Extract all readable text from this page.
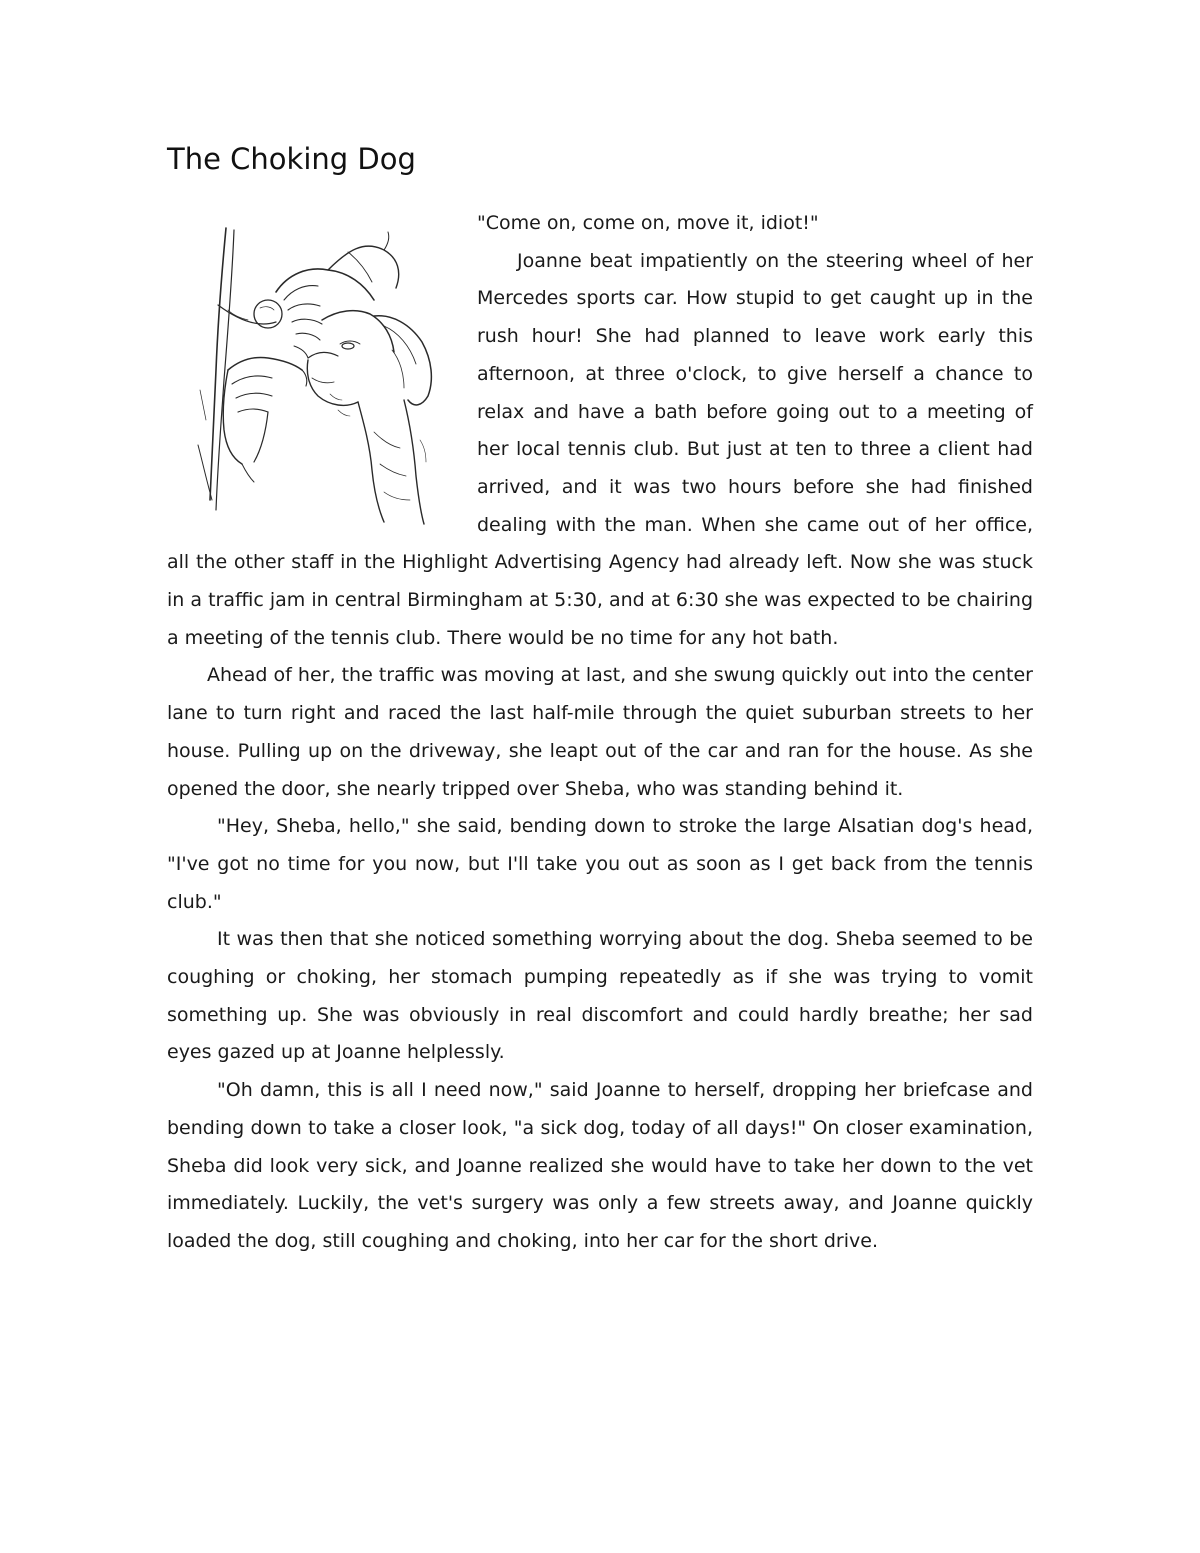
The Choking Dog

"Come on, come on, move it, idiot!"

Joanne beat impatiently on the steering wheel of her Mercedes sports car. How stupid to get caught up in the rush hour! She had planned to leave work early this afternoon, at three o'clock, to give herself a chance to relax and have a bath before going out to a meeting of her local tennis club. But just at ten to three a client had arrived, and it was two hours before she had finished dealing with the man. When she came out of her office, all the other staff in the Highlight Advertising Agency had already left. Now she was stuck in a traffic jam in central Birmingham at 5:30, and at 6:30 she was expected to be chairing a meeting of the tennis club. There would be no time for any hot bath.

Ahead of her, the traffic was moving at last, and she swung quickly out into the center lane to turn right and raced the last half-mile through the quiet suburban streets to her house. Pulling up on the driveway, she leapt out of the car and ran for the house. As she opened the door, she nearly tripped over Sheba, who was standing behind it.

"Hey, Sheba, hello," she said, bending down to stroke the large Alsatian dog's head, "I've got no time for you now, but I'll take you out as soon as I get back from the tennis club."

It was then that she noticed something worrying about the dog. Sheba seemed to be coughing or choking, her stomach pumping repeatedly as if she was trying to vomit something up. She was obviously in real discomfort and could hardly breathe; her sad eyes gazed up at Joanne helplessly.

"Oh damn, this is all I need now," said Joanne to herself, dropping her briefcase and bending down to take a closer look, "a sick dog, today of all days!" On closer examination, Sheba did look very sick, and Joanne realized she would have to take her down to the vet immediately. Luckily, the vet's surgery was only a few streets away, and Joanne quickly loaded the dog, still coughing and choking, into her car for the short drive.
